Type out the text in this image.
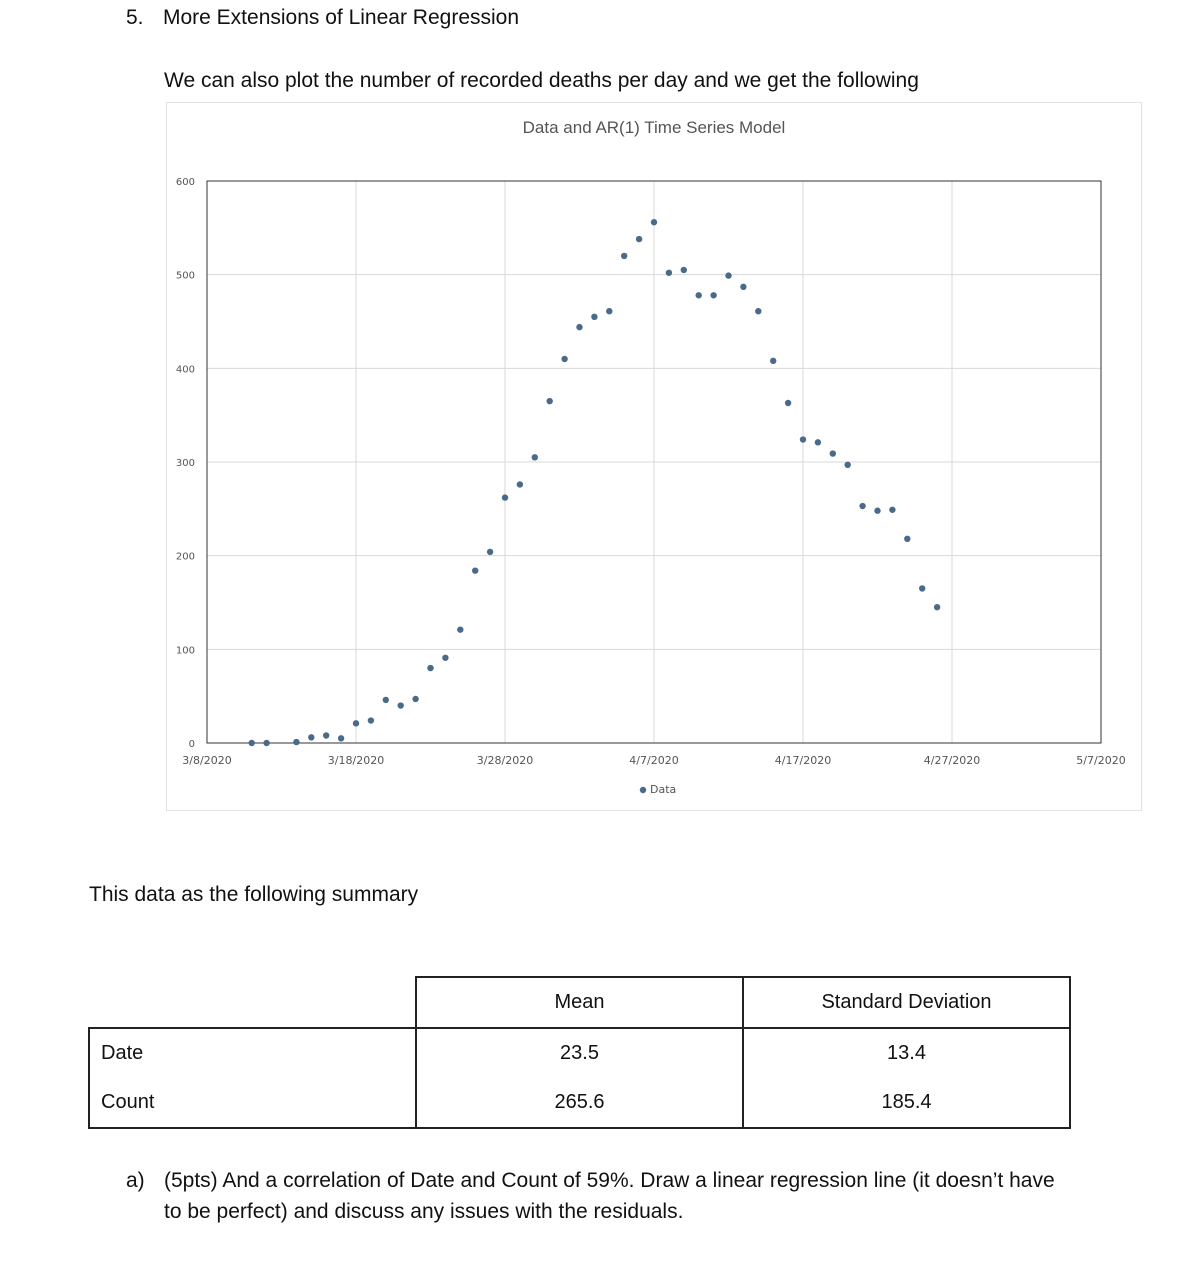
5. More Extensions of Linear Regression
We can also plot the number of recorded deaths per day and we get the following
Data and AR(1) Time Series Model
3/8/2020	3/18/2020	3/28/2020	4/7/2020	4/17/2020	4/27/2020	5/7/2020
0
100
200
300
400
500
600
Data
This data as the following summary
	Mean	Standard Deviation
Date	23.5	13.4
Count	265.6	185.4
a) (5pts) And a correlation of Date and Count of 59%. Draw a linear regression line (it doesn’t have to be perfect) and discuss any issues with the residuals.
